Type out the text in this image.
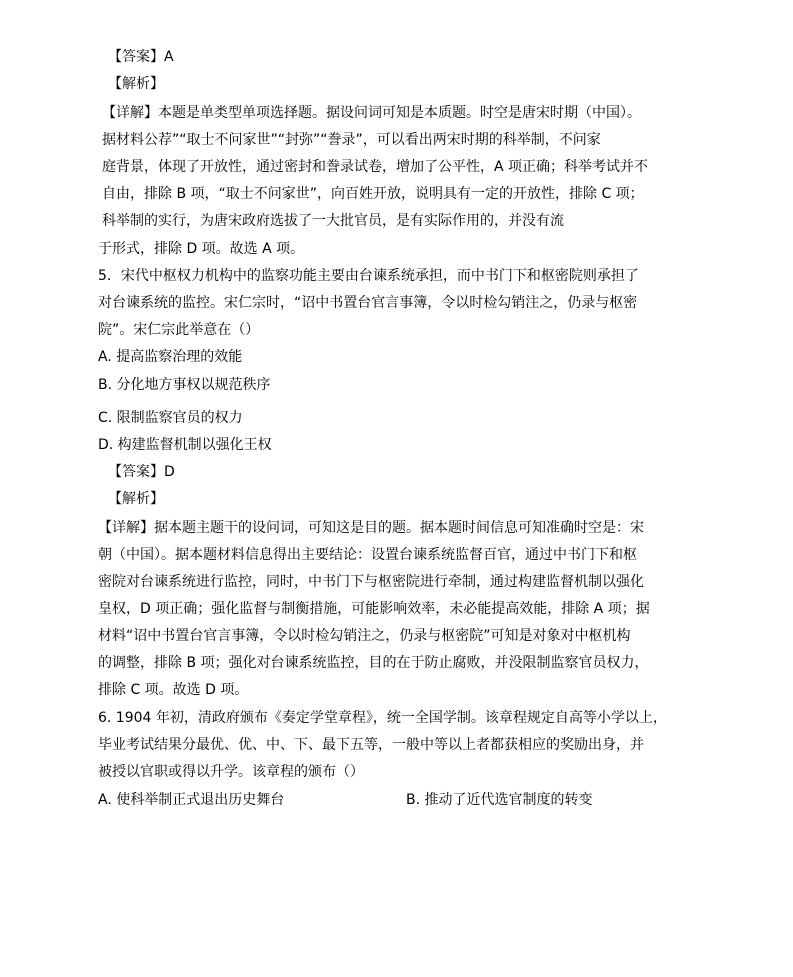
【答案】A
【解析】
【详解】本题是单类型单项选择题。据设问词可知是本质题。时空是唐宋时期（中国）。
据材料公荐”“取士不问家世”“封弥”“誊录”，可以看出两宋时期的科举制，不问家
庭背景，体现了开放性，通过密封和誊录试卷，增加了公平性，A 项正确；科举考试并不
自由，排除 B 项，“取士不问家世”，向百姓开放，说明具有一定的开放性，排除 C 项；
科举制的实行，为唐宋政府选拔了一大批官员，是有实际作用的，并没有流
于形式，排除 D 项。故选 A 项。
5．宋代中枢权力机构中的监察功能主要由台谏系统承担，而中书门下和枢密院则承担了
对台谏系统的监控。宋仁宗时，“诏中书置台官言事簿，令以时检勾销注之，仍录与枢密
院”。宋仁宗此举意在（）
A. 提高监察治理的效能
B. 分化地方事权以规范秩序
C. 限制监察官员的权力
D. 构建监督机制以强化王权
【答案】D
【解析】
【详解】据本题主题干的设问词，可知这是目的题。据本题时间信息可知准确时空是：宋
朝（中国）。据本题材料信息得出主要结论：设置台谏系统监督百官，通过中书门下和枢
密院对台谏系统进行监控，同时，中书门下与枢密院进行牵制，通过构建监督机制以强化
皇权，D 项正确；强化监督与制衡措施，可能影响效率，未必能提高效能，排除 A 项；据
材料“诏中书置台官言事簿，令以时检勾销注之，仍录与枢密院”可知是对象对中枢机构
的调整，排除 B 项；强化对台谏系统监控，目的在于防止腐败，并没限制监察官员权力，
排除 C 项。故选 D 项。
6. 1904 年初，清政府颁布《奏定学堂章程》，统一全国学制。该章程规定自高等小学以上，
毕业考试结果分最优、优、中、下、最下五等，一般中等以上者都获相应的奖励出身，并
被授以官职或得以升学。该章程的颁布（）
A. 使科举制正式退出历史舞台	B. 推动了近代选官制度的转变
